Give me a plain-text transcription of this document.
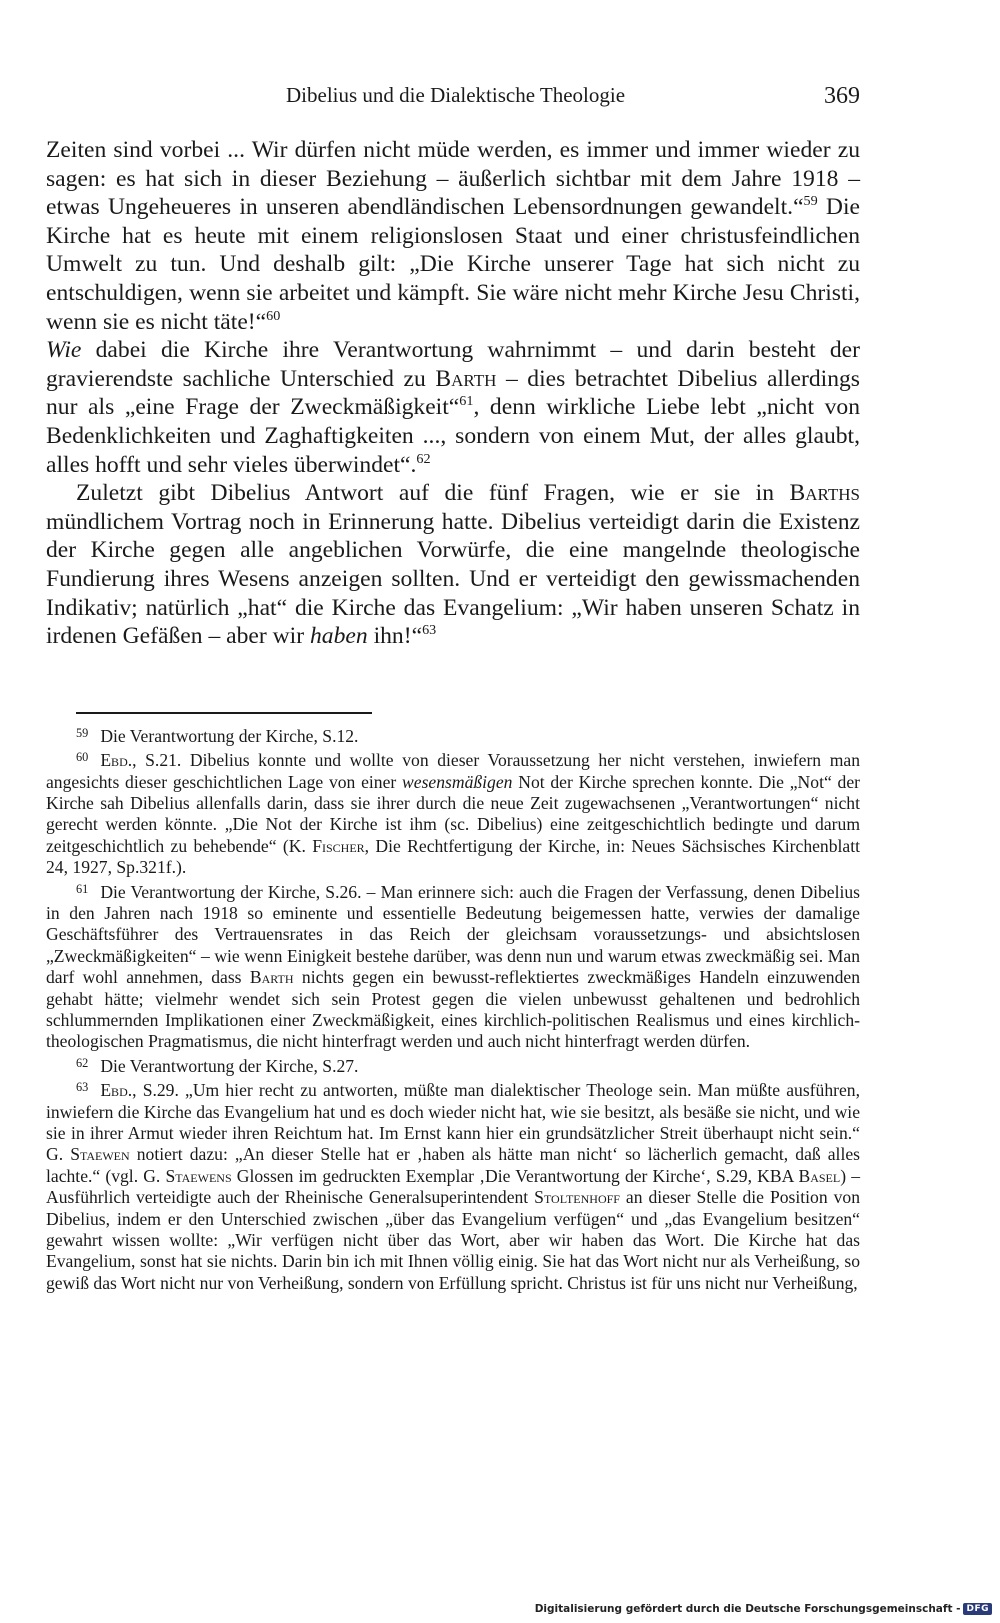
Dibelius und die Dialektische Theologie	369

Zeiten sind vorbei ... Wir dürfen nicht müde werden, es immer und immer wieder zu sagen: es hat sich in dieser Beziehung – äußerlich sichtbar mit dem Jahre 1918 – etwas Ungeheueres in unseren abendländischen Lebensordnungen gewandelt.“$^{59}$ Die Kirche hat es heute mit einem religionslosen Staat und einer christusfeindlichen Umwelt zu tun. Und deshalb gilt: „Die Kirche unserer Tage hat sich nicht zu entschuldigen, wenn sie arbeitet und kämpft. Sie wäre nicht mehr Kirche Jesu Christi, wenn sie es nicht täte!“$^{60}$

Wie dabei die Kirche ihre Verantwortung wahrnimmt – und darin besteht der gravierendste sachliche Unterschied zu Barth – dies betrachtet Dibelius allerdings nur als „eine Frage der Zweckmäßigkeit“$^{61}$, denn wirkliche Liebe lebt „nicht von Bedenklichkeiten und Zaghaftigkeiten ..., sondern von einem Mut, der alles glaubt, alles hofft und sehr vieles überwindet“.$^{62}$

Zuletzt gibt Dibelius Antwort auf die fünf Fragen, wie er sie in Barths mündlichem Vortrag noch in Erinnerung hatte. Dibelius verteidigt darin die Existenz der Kirche gegen alle angeblichen Vorwürfe, die eine mangelnde theologische Fundierung ihres Wesens anzeigen sollten. Und er verteidigt den gewissmachenden Indikativ; natürlich „hat“ die Kirche das Evangelium: „Wir haben unseren Schatz in irdenen Gefäßen – aber wir haben ihn!“$^{63}$

$^{59}$ Die Verantwortung der Kirche, S.12.

$^{60}$ Ebd., S.21. Dibelius konnte und wollte von dieser Voraussetzung her nicht verstehen, inwiefern man angesichts dieser geschichtlichen Lage von einer wesensmäßigen Not der Kirche sprechen konnte. Die „Not“ der Kirche sah Dibelius allenfalls darin, dass sie ihrer durch die neue Zeit zugewachsenen „Verantwortungen“ nicht gerecht werden könnte. „Die Not der Kirche ist ihm (sc. Dibelius) eine zeitgeschichtlich bedingte und darum zeitgeschichtlich zu behebende“ (K. Fischer, Die Rechtfertigung der Kirche, in: Neues Sächsisches Kirchenblatt 24, 1927, Sp.321f.).

$^{61}$ Die Verantwortung der Kirche, S.26. – Man erinnere sich: auch die Fragen der Verfassung, denen Dibelius in den Jahren nach 1918 so eminente und essentielle Bedeutung beigemessen hatte, verwies der damalige Geschäftsführer des Vertrauensrates in das Reich der gleichsam voraussetzungs- und absichtslosen „Zweckmäßigkeiten“ – wie wenn Einigkeit bestehe darüber, was denn nun und warum etwas zweckmäßig sei. Man darf wohl annehmen, dass Barth nichts gegen ein bewusst-reflektiertes zweckmäßiges Handeln einzuwenden gehabt hätte; vielmehr wendet sich sein Protest gegen die vielen unbewusst gehaltenen und bedrohlich schlummernden Implikationen einer Zweckmäßigkeit, eines kirchlich-politischen Realismus und eines kirchlich-theologischen Pragmatismus, die nicht hinterfragt werden und auch nicht hinterfragt werden dürfen.

$^{62}$ Die Verantwortung der Kirche, S.27.

$^{63}$ Ebd., S.29. „Um hier recht zu antworten, müßte man dialektischer Theologe sein. Man müßte ausführen, inwiefern die Kirche das Evangelium hat und es doch wieder nicht hat, wie sie besitzt, als besäße sie nicht, und wie sie in ihrer Armut wieder ihren Reichtum hat. Im Ernst kann hier ein grundsätzlicher Streit überhaupt nicht sein.“ G. Staewen notiert dazu: „An dieser Stelle hat er ‚haben als hätte man nicht‘ so lächerlich gemacht, daß alles lachte.“ (vgl. G. Staewens Glossen im gedruckten Exemplar ‚Die Verantwortung der Kirche‘, S.29, KBA Basel) – Ausführlich verteidigte auch der Rheinische Generalsuperintendent Stoltenhoff an dieser Stelle die Position von Dibelius, indem er den Unterschied zwischen „über das Evangelium verfügen“ und „das Evangelium besitzen“ gewahrt wissen wollte: „Wir verfügen nicht über das Wort, aber wir haben das Wort. Die Kirche hat das Evangelium, sonst hat sie nichts. Darin bin ich mit Ihnen völlig einig. Sie hat das Wort nicht nur als Verheißung, so gewiß das Wort nicht nur von Verheißung, sondern von Erfüllung spricht. Christus ist für uns nicht nur Verheißung,

Digitalisierung gefördert durch die Deutsche Forschungsgemeinschaft - DFG
